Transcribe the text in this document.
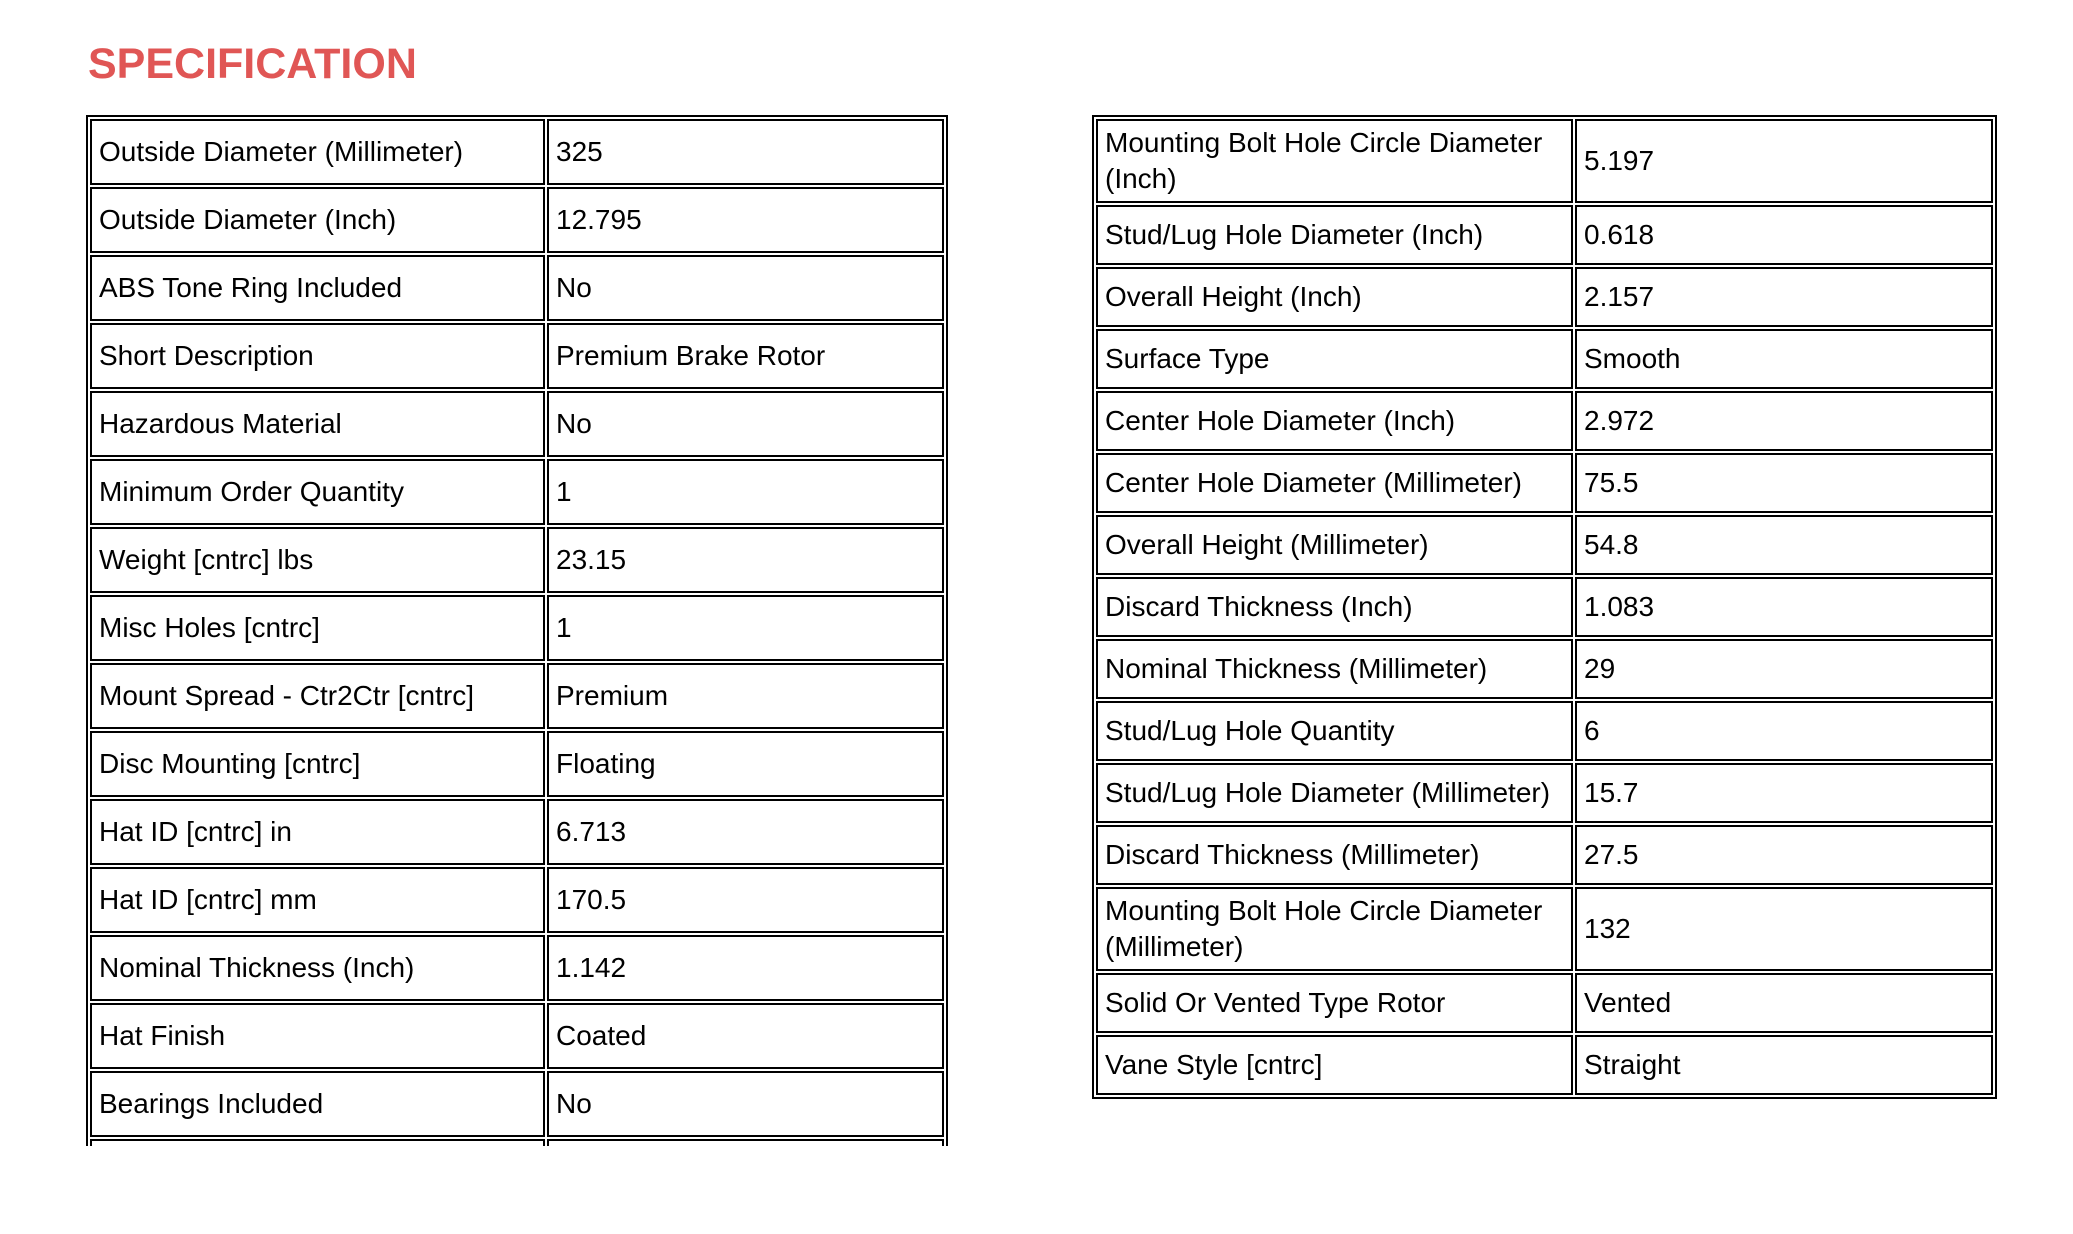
SPECIFICATION
Outside Diameter (Millimeter)	325
Outside Diameter (Inch)	12.795
ABS Tone Ring Included	No
Short Description	Premium Brake Rotor
Hazardous Material	No
Minimum Order Quantity	1
Weight [cntrc] lbs	23.15
Misc Holes [cntrc]	1
Mount Spread - Ctr2Ctr [cntrc]	Premium
Disc Mounting [cntrc]	Floating
Hat ID [cntrc] in	6.713
Hat ID [cntrc] mm	170.5
Nominal Thickness (Inch)	1.142
Hat Finish	Coated
Bearings Included	No

Mounting Bolt Hole Circle Diameter (Inch)	5.197
Stud/Lug Hole Diameter (Inch)	0.618
Overall Height (Inch)	2.157
Surface Type	Smooth
Center Hole Diameter (Inch)	2.972
Center Hole Diameter (Millimeter)	75.5
Overall Height (Millimeter)	54.8
Discard Thickness (Inch)	1.083
Nominal Thickness (Millimeter)	29
Stud/Lug Hole Quantity	6
Stud/Lug Hole Diameter (Millimeter)	15.7
Discard Thickness (Millimeter)	27.5
Mounting Bolt Hole Circle Diameter (Millimeter)	132
Solid Or Vented Type Rotor	Vented
Vane Style [cntrc]	Straight
